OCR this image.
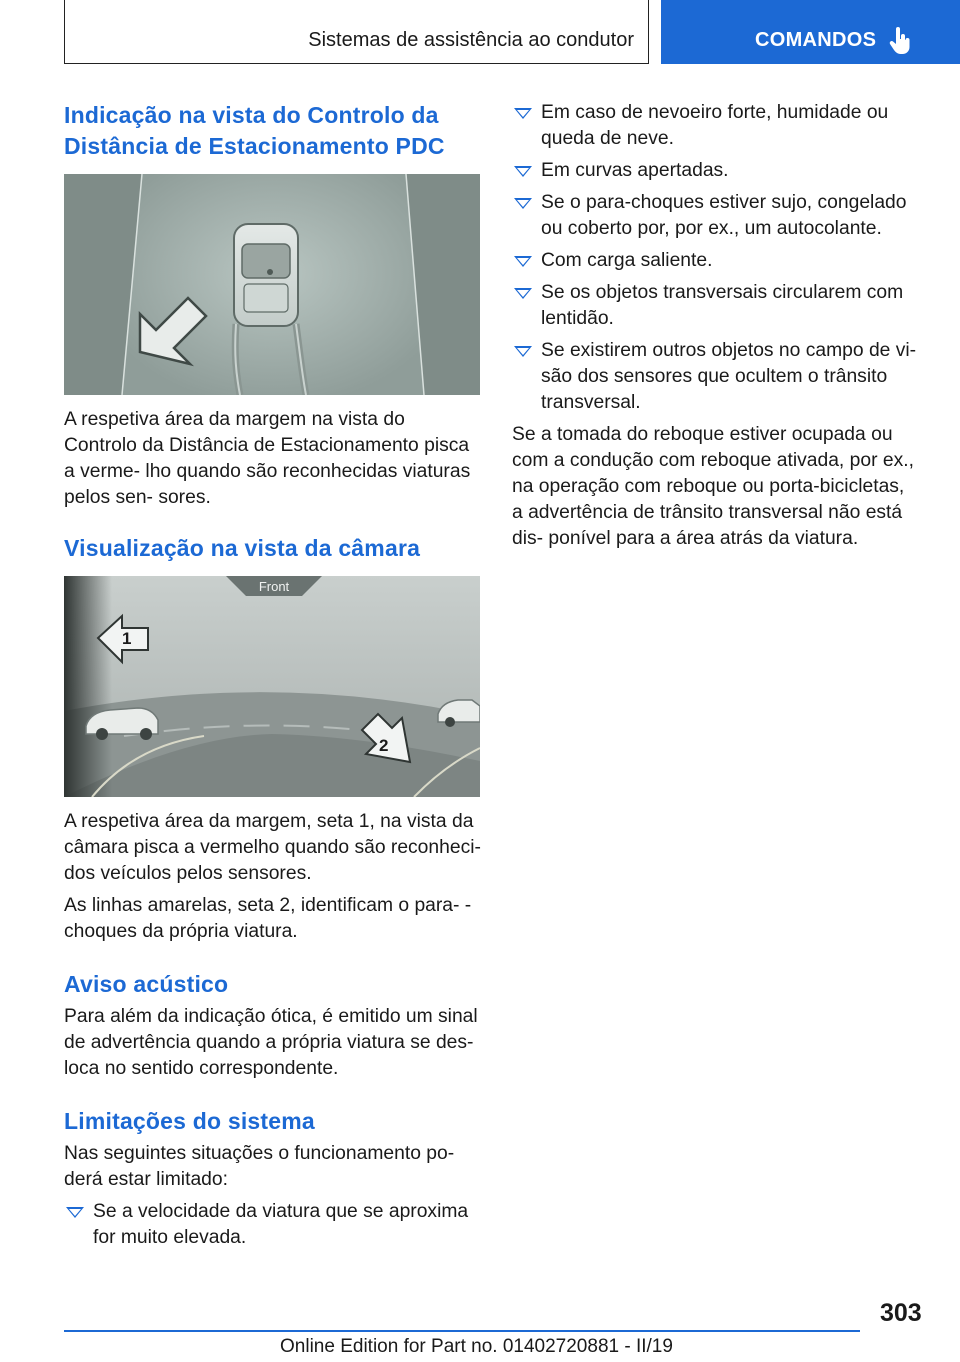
Sistemas de assistência ao condutor	COMANDOS
Indicação na vista do Controlo da Distância de Estacionamento PDC

A respetiva área da margem na vista do Controlo da Distância de Estacionamento pisca a verme- lho quando são reconhecidas viaturas pelos sen- sores.

Visualização na vista da câmara
Front
1
2

A respetiva área da margem, seta 1, na vista da câmara pisca a vermelho quando são reconheci- dos veículos pelos sensores.

As linhas amarelas, seta 2, identificam o para- -choques da própria viatura.

Aviso acústico

Para além da indicação ótica, é emitido um sinal de advertência quando a própria viatura se des- loca no sentido correspondente.

Limitações do sistema

Nas seguintes situações o funcionamento po- derá estar limitado:

Se a velocidade da viatura que se aproxima for muito elevada.
Em caso de nevoeiro forte, humidade ou queda de neve.
Em curvas apertadas.
Se o para-choques estiver sujo, congelado ou coberto por, por ex., um autocolante.
Com carga saliente.
Se os objetos transversais circularem com lentidão.
Se existirem outros objetos no campo de vi- são dos sensores que ocultem o trânsito transversal.

Se a tomada do reboque estiver ocupada ou com a condução com reboque ativada, por ex., na operação com reboque ou porta-bicicletas, a advertência de trânsito transversal não está dis- ponível para a área atrás da viatura.

303
Online Edition for Part no. 01402720881 - II/19
